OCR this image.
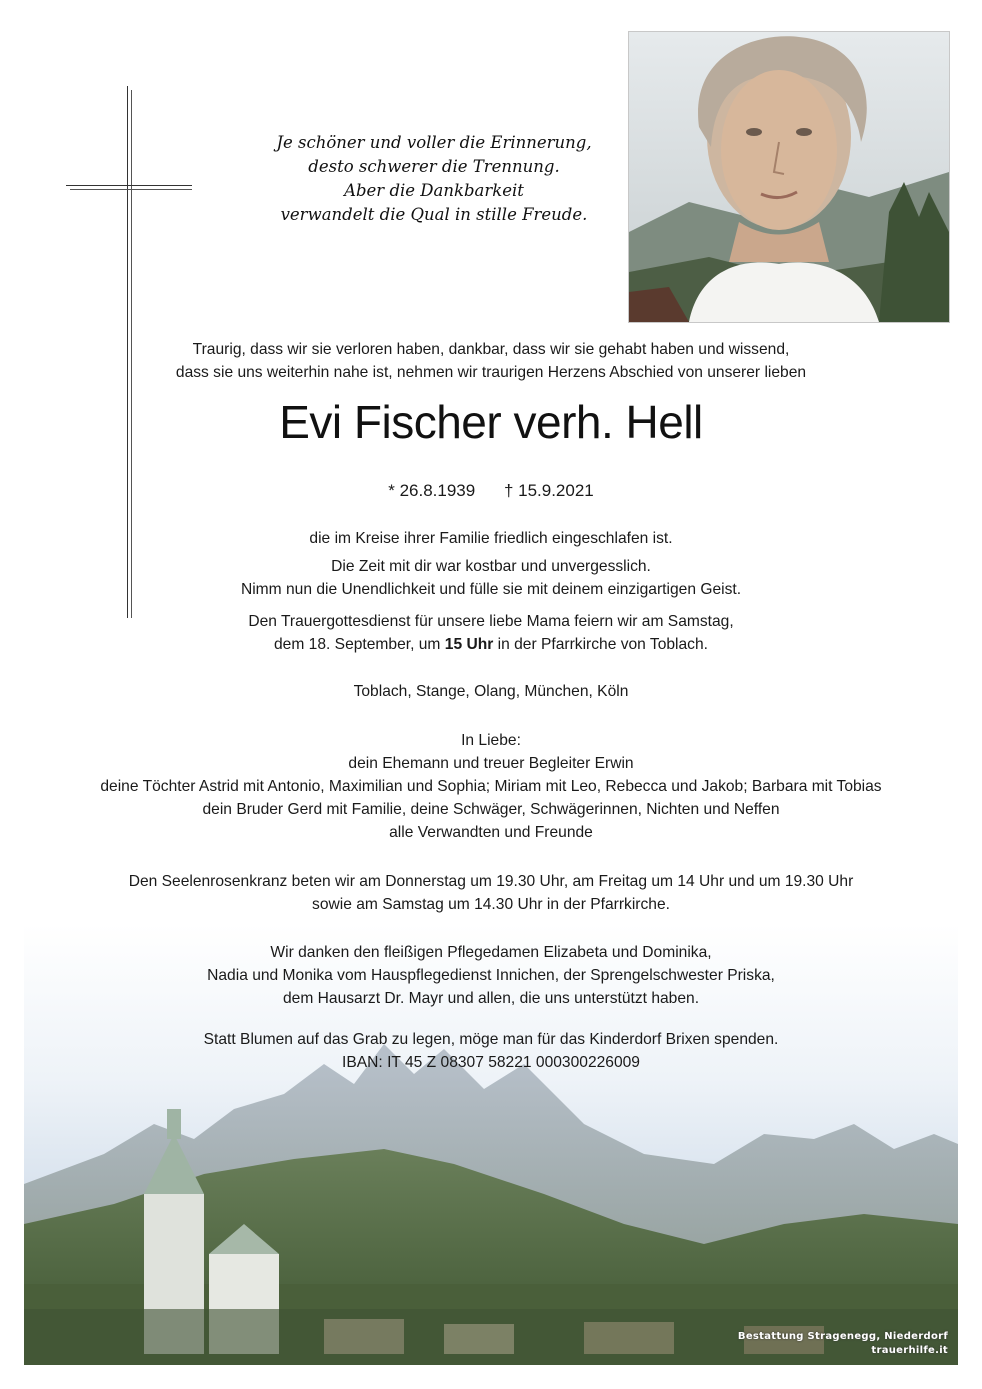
Je schöner und voller die Erinnerung,
desto schwerer die Trennung.
Aber die Dankbarkeit
verwandelt die Qual in stille Freude.
Traurig, dass wir sie verloren haben, dankbar, dass wir sie gehabt haben und wissend,
dass sie uns weiterhin nahe ist, nehmen wir traurigen Herzens Abschied von unserer lieben
Evi Fischer verh. Hell
* 26.8.1939 † 15.9.2021
die im Kreise ihrer Familie friedlich eingeschlafen ist.
Die Zeit mit dir war kostbar und unvergesslich.
Nimm nun die Unendlichkeit und fülle sie mit deinem einzigartigen Geist.
Den Trauergottesdienst für unsere liebe Mama feiern wir am Samstag,
dem 18. September, um 15 Uhr in der Pfarrkirche von Toblach.
Toblach, Stange, Olang, München, Köln
In Liebe:
dein Ehemann und treuer Begleiter Erwin
deine Töchter Astrid mit Antonio, Maximilian und Sophia; Miriam mit Leo, Rebecca und Jakob; Barbara mit Tobias
dein Bruder Gerd mit Familie, deine Schwäger, Schwägerinnen, Nichten und Neffen
alle Verwandten und Freunde
Den Seelenrosenkranz beten wir am Donnerstag um 19.30 Uhr, am Freitag um 14 Uhr und um 19.30 Uhr
sowie am Samstag um 14.30 Uhr in der Pfarrkirche.
Wir danken den fleißigen Pflegedamen Elizabeta und Dominika,
Nadia und Monika vom Hauspflegedienst Innichen, der Sprengelschwester Priska,
dem Hausarzt Dr. Mayr und allen, die uns unterstützt haben.
Statt Blumen auf das Grab zu legen, möge man für das Kinderdorf Brixen spenden.
IBAN: IT 45 Z 08307 58221 000300226009
Bestattung Stragenegg, Niederdorf
trauerhilfe.it
